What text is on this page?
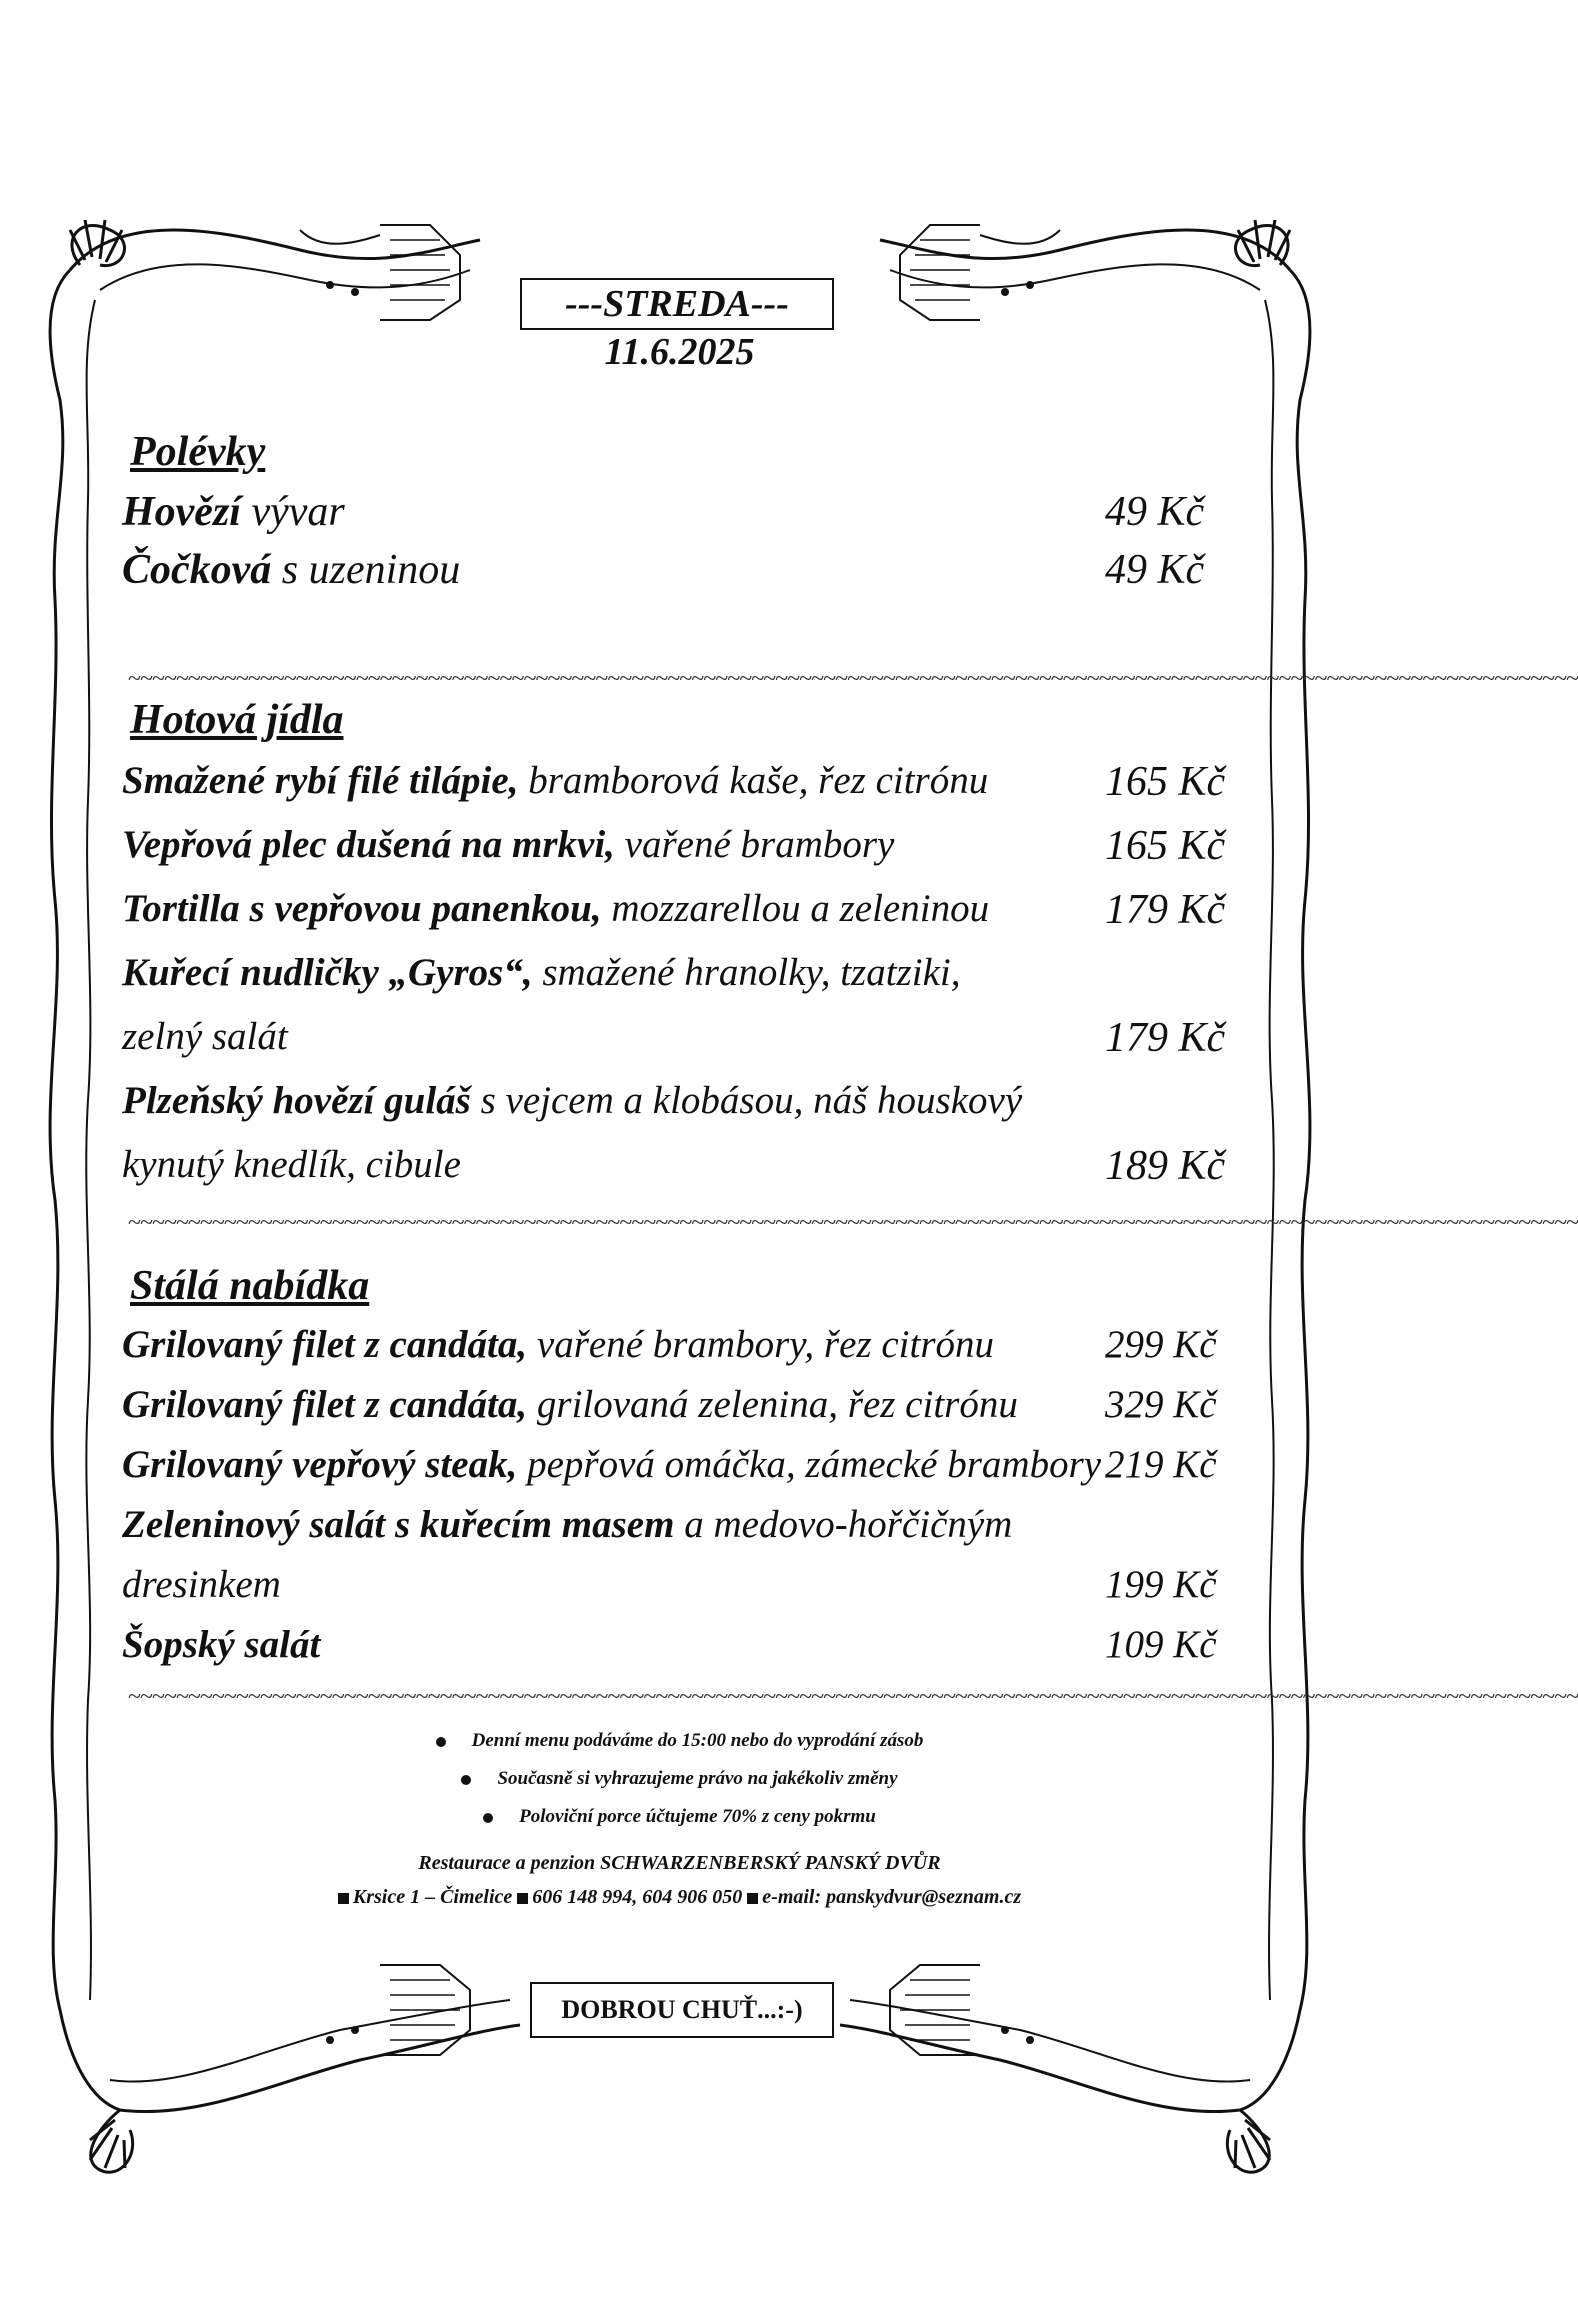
---STREDA---
11.6.2025
Polévky
Hovězí vývar	49 Kč
Čočková s uzeninou	49 Kč
~~~~~~~~~~~~~~~~~~~~~~~~~~~~~~~~~~~~~~~~~~~~~~~~~~~~~~~~~~~~~~~~~~~~~~~~~~~~~~~~~~~~~~~~~~~~~~~~~~~~~~~~~~~~~~~~~~~~~~~~~
Hotová jídla
Smažené rybí filé tilápie, bramborová kaše, řez citrónu	165 Kč
Vepřová plec dušená na mrkvi, vařené brambory	165 Kč
Tortilla s vepřovou panenkou, mozzarellou a zeleninou	179 Kč
Kuřecí nudličky „Gyros“, smažené hranolky, tzatziki,
zelný salát	179 Kč
Plzeňský hovězí guláš s vejcem a klobásou, náš houskový
kynutý knedlík, cibule	189 Kč
~~~~~~~~~~~~~~~~~~~~~~~~~~~~~~~~~~~~~~~~~~~~~~~~~~~~~~~~~~~~~~~~~~~~~~~~~~~~~~~~~~~~~~~~~~~~~~~~~~~~~~~~~~~~~~~~~~~~~~~~~
Stálá nabídka
Grilovaný filet z candáta, vařené brambory, řez citrónu	299 Kč
Grilovaný filet z candáta, grilovaná zelenina, řez citrónu	329 Kč
Grilovaný vepřový steak, pepřová omáčka, zámecké brambory 219 Kč
Zeleninový salát s kuřecím masem a medovo-hořčičným
dresinkem	199 Kč
Šopský salát	109 Kč
~~~~~~~~~~~~~~~~~~~~~~~~~~~~~~~~~~~~~~~~~~~~~~~~~~~~~~~~~~~~~~~~~~~~~~~~~~~~~~~~~~~~~~~~~~~~~~~~~~~~~~~~~~~~~~~~~~~~~~~~~
Denní menu podáváme do 15:00 nebo do vyprodání zásob
Současně si vyhrazujeme právo na jakékoliv změny
Poloviční porce účtujeme 70% z ceny pokrmu
Restaurace a penzion SCHWARZENBERSKÝ PANSKÝ DVŮR
Krsice 1 – Čimelice 606 148 994, 604 906 050 e-mail: panskydvur@seznam.cz
DOBROU CHUŤ...:-)
